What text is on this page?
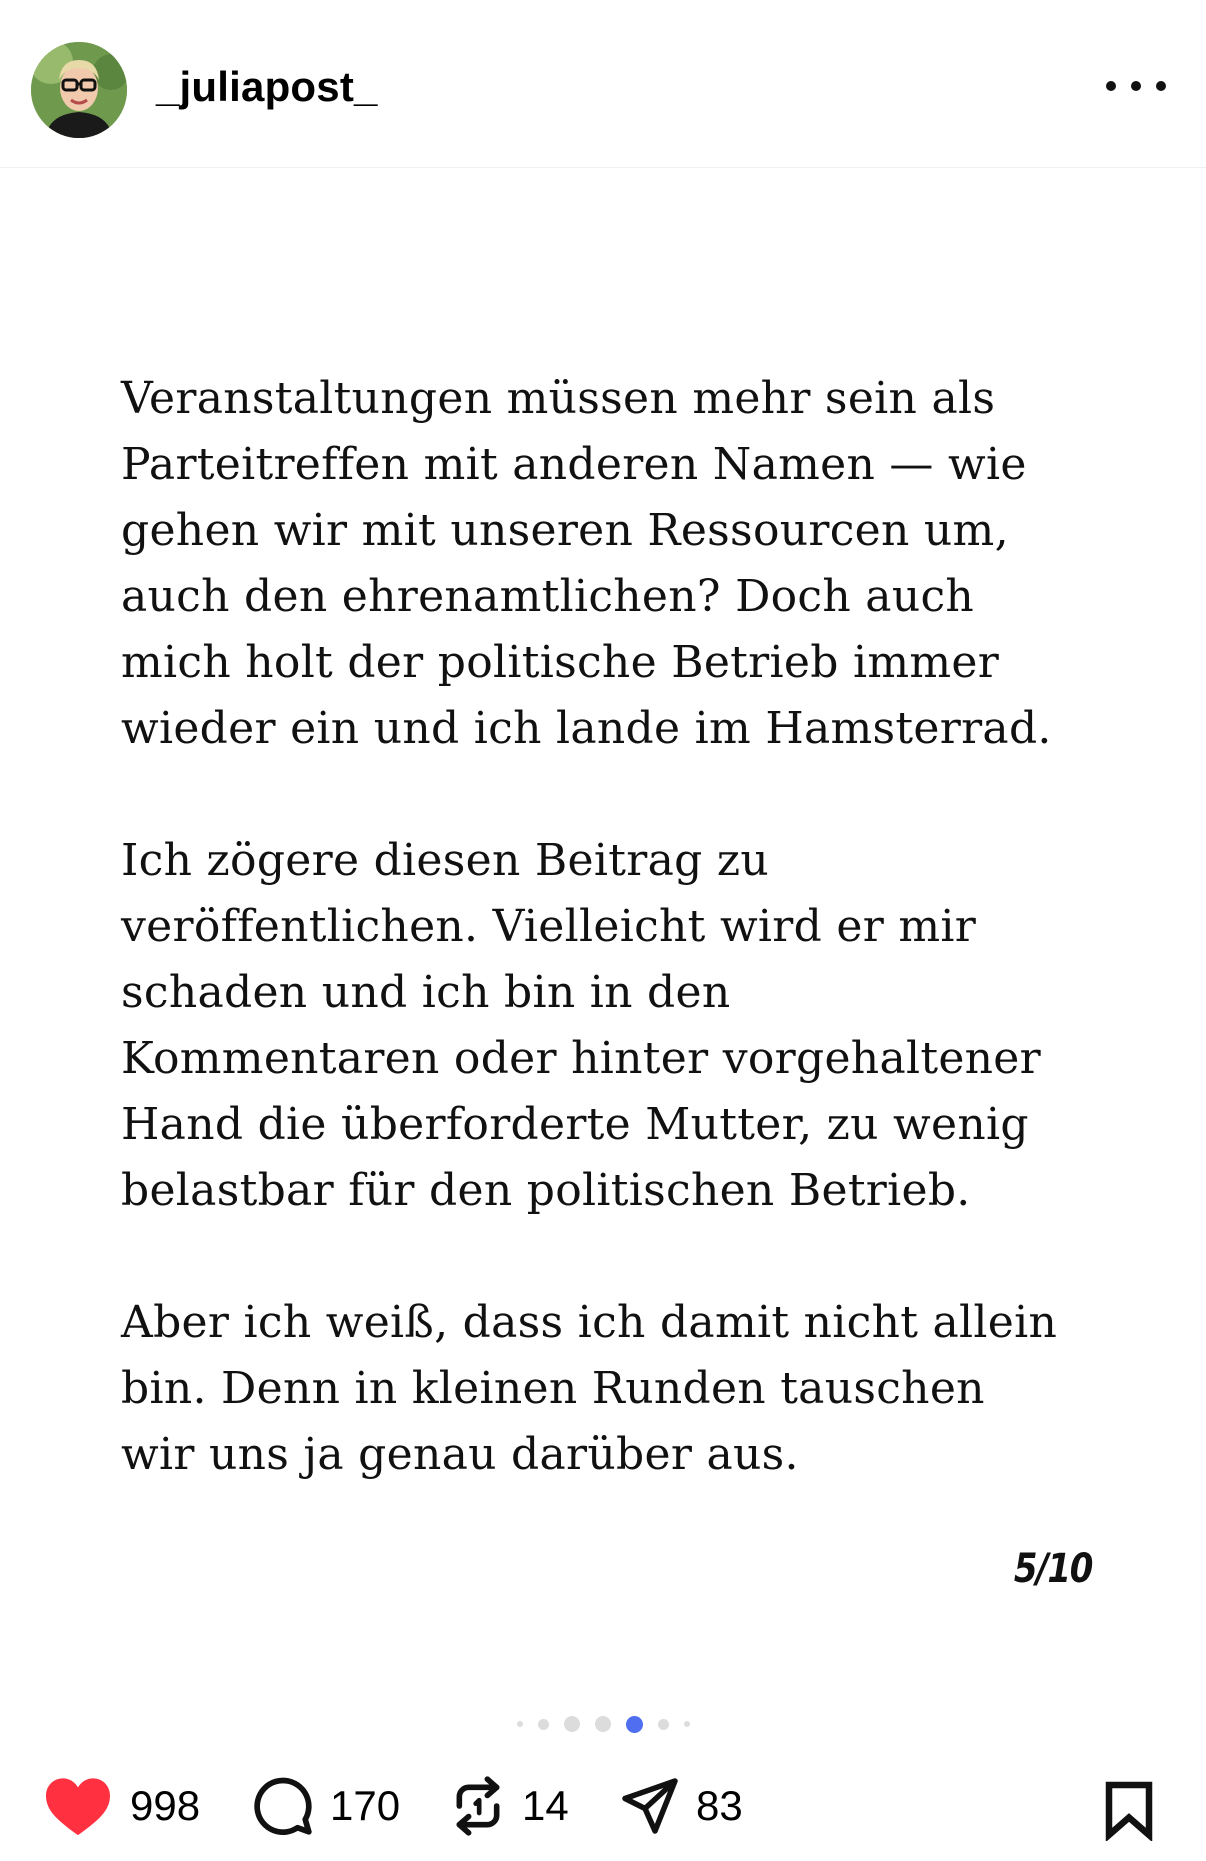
_juliapost_

Veranstaltungen müssen mehr sein als
Parteitreffen mit anderen Namen — wie
gehen wir mit unseren Ressourcen um,
auch den ehrenamtlichen? Doch auch
mich holt der politische Betrieb immer
wieder ein und ich lande im Hamsterrad.

Ich zögere diesen Beitrag zu
veröffentlichen. Vielleicht wird er mir
schaden und ich bin in den
Kommentaren oder hinter vorgehaltener
Hand die überforderte Mutter, zu wenig
belastbar für den politischen Betrieb.

Aber ich weiß, dass ich damit nicht allein
bin. Denn in kleinen Runden tauschen
wir uns ja genau darüber aus.

5/10
998	170	14	83
